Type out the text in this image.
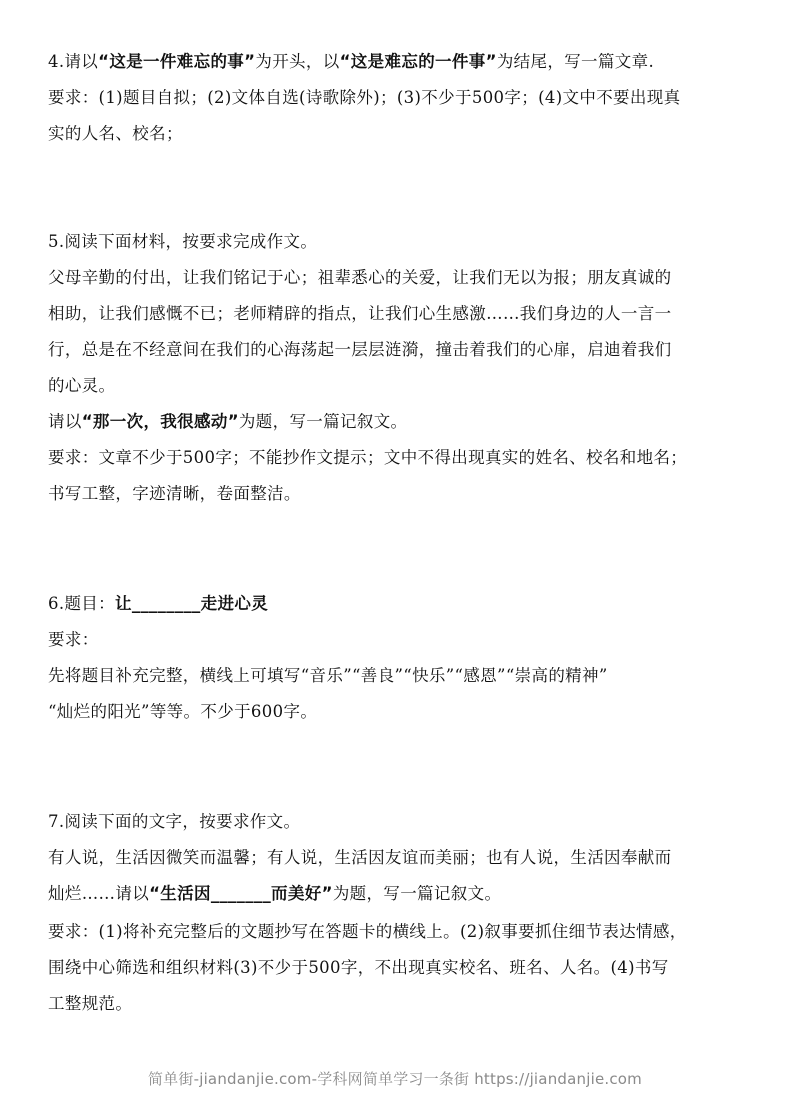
4.请以“这是一件难忘的事”为开头，以“这是难忘的一件事”为结尾，写一篇文章.
要求：(1)题目自拟；(2)文体自选(诗歌除外)；(3)不少于500字；(4)文中不要出现真
实的人名、校名；
5.阅读下面材料，按要求完成作文。
父母辛勤的付出，让我们铭记于心；祖辈悉心的关爱，让我们无以为报；朋友真诚的
相助，让我们感慨不已；老师精辟的指点，让我们心生感激……我们身边的人一言一
行，总是在不经意间在我们的心海荡起一层层涟漪，撞击着我们的心扉，启迪着我们
的心灵。
请以“那一次，我很感动”为题，写一篇记叙文。
要求：文章不少于500字；不能抄作文提示；文中不得出现真实的姓名、校名和地名；
书写工整，字迹清晰，卷面整洁。
6.题目：让________走进心灵
要求：
先将题目补充完整，横线上可填写“音乐”“善良”“快乐”“感恩”“崇高的精神”
“灿烂的阳光”等等。不少于600字。
7.阅读下面的文字，按要求作文。
有人说，生活因微笑而温馨；有人说，生活因友谊而美丽；也有人说，生活因奉献而
灿烂……请以“生活因_______而美好”为题，写一篇记叙文。
要求：(1)将补充完整后的文题抄写在答题卡的横线上。(2)叙事要抓住细节表达情感，
围绕中心筛选和组织材料(3)不少于500字，不出现真实校名、班名、人名。(4)书写
工整规范。
简单街-jiandanjie.com-学科网简单学习一条街 https://jiandanjie.com
